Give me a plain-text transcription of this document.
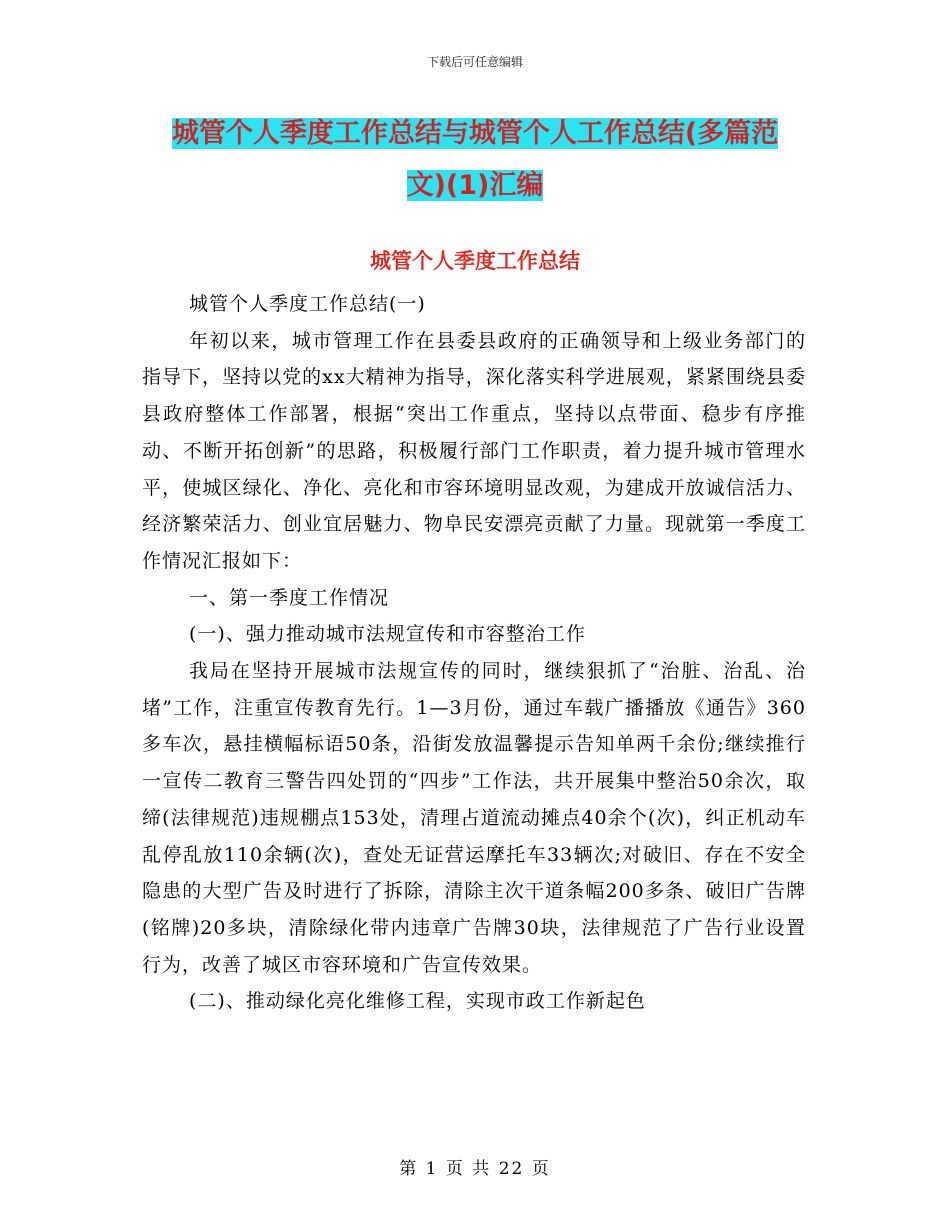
下载后可任意编辑
城管个人季度工作总结与城管个人工作总结(多篇范
文)(1)汇编
城管个人季度工作总结

城管个人季度工作总结(一)

年初以来，城市管理工作在县委县政府的正确领导和上级业务部门的指导下，坚持以党的xx大精神为指导，深化落实科学进展观，紧紧围绕县委县政府整体工作部署，根据“突出工作重点，坚持以点带面、稳步有序推动、不断开拓创新”的思路，积极履行部门工作职责，着力提升城市管理水平，使城区绿化、净化、亮化和市容环境明显改观，为建成开放诚信活力、经济繁荣活力、创业宜居魅力、物阜民安漂亮贡献了力量。现就第一季度工作情况汇报如下：

一、第一季度工作情况

(一)、强力推动城市法规宣传和市容整治工作

我局在坚持开展城市法规宣传的同时，继续狠抓了“治脏、治乱、治堵”工作，注重宣传教育先行。1—3月份，通过车载广播播放《通告》360多车次，悬挂横幅标语50条，沿街发放温馨提示告知单两千余份;继续推行一宣传二教育三警告四处罚的“四步”工作法，共开展集中整治50余次，取缔(法律规范)违规棚点153处，清理占道流动摊点40余个(次)，纠正机动车乱停乱放110余辆(次)，查处无证营运摩托车33辆次;对破旧、存在不安全隐患的大型广告及时进行了拆除，清除主次干道条幅200多条、破旧广告牌(铭牌)20多块，清除绿化带内违章广告牌30块，法律规范了广告行业设置行为，改善了城区市容环境和广告宣传效果。

(二)、推动绿化亮化维修工程，实现市政工作新起色

第 1 页 共 22 页
